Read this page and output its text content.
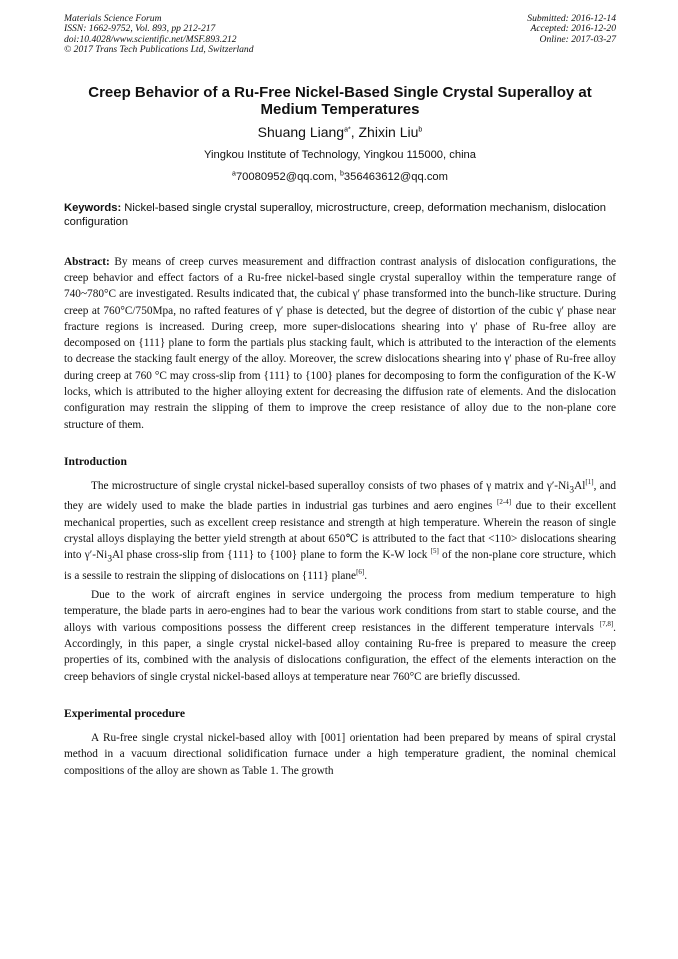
Materials Science Forum
ISSN: 1662-9752, Vol. 893, pp 212-217
doi:10.4028/www.scientific.net/MSF.893.212
© 2017 Trans Tech Publications Ltd, Switzerland
Submitted: 2016-12-14
Accepted: 2016-12-20
Online: 2017-03-27
Creep Behavior of a Ru-Free Nickel-Based Single Crystal Superalloy at Medium Temperatures
Shuang Liang$^{a*}$, Zhixin Liu$^b$
Yingkou Institute of Technology, Yingkou 115000, china
$^a$70080952@qq.com, $^b$356463612@qq.com
Keywords: Nickel-based single crystal superalloy, microstructure, creep, deformation mechanism, dislocation configuration
Abstract: By means of creep curves measurement and diffraction contrast analysis of dislocation configurations, the creep behavior and effect factors of a Ru-free nickel-based single crystal superalloy within the temperature range of 740~780°C are investigated. Results indicated that, the cubical γ′ phase transformed into the bunch-like structure. During creep at 760°C/750Mpa, no rafted features of γ′ phase is detected, but the degree of distortion of the cubic γ′ phase near fracture regions is increased. During creep, more super-dislocations shearing into γ′ phase of Ru-free alloy are decomposed on {111} plane to form the partials plus stacking fault, which is attributed to the interaction of the elements to decrease the stacking fault energy of the alloy. Moreover, the screw dislocations shearing into γ′ phase of Ru-free alloy during creep at 760 °C may cross-slip from {111} to {100} planes for decomposing to form the configuration of the K-W locks, which is attributed to the higher alloying extent for decreasing the diffusion rate of elements. And the dislocation configuration may restrain the slipping of them to improve the creep resistance of alloy due to the non-plane core structure of them.
Introduction
The microstructure of single crystal nickel-based superalloy consists of two phases of γ matrix and $\gamma'-Ni_3Al[1]$, and they are widely used to make the blade parties in industrial gas turbines and aero engines [2-4] due to their excellent mechanical properties, such as excellent creep resistance and strength at high temperature. Wherein the reason of single crystal alloys displaying the better yield strength at about 650℃ is attributed to the fact that <110> dislocations shearing into $\gamma'-Ni_3Al$ phase cross-slip from {111} to {100} plane to form the K-W lock [5] of the non-plane core structure, which is a sessile to restrain the slipping of dislocations on {111} plane[6].
Due to the work of aircraft engines in service undergoing the process from medium temperature to high temperature, the blade parts in aero-engines had to bear the various work conditions from start to stable course, and the alloys with various compositions possess the different creep resistances in the different temperature intervals [7,8]. Accordingly, in this paper, a single crystal nickel-based alloy containing Ru-free is prepared to measure the creep properties of its, combined with the analysis of dislocations configuration, the effect of the elements interaction on the creep behaviors of single crystal nickel-based alloys at temperature near 760°C are briefly discussed.
Experimental procedure
A Ru-free single crystal nickel-based alloy with [001] orientation had been prepared by means of spiral crystal method in a vacuum directional solidification furnace under a high temperature gradient, the nominal chemical compositions of the alloy are shown as Table 1. The growth
